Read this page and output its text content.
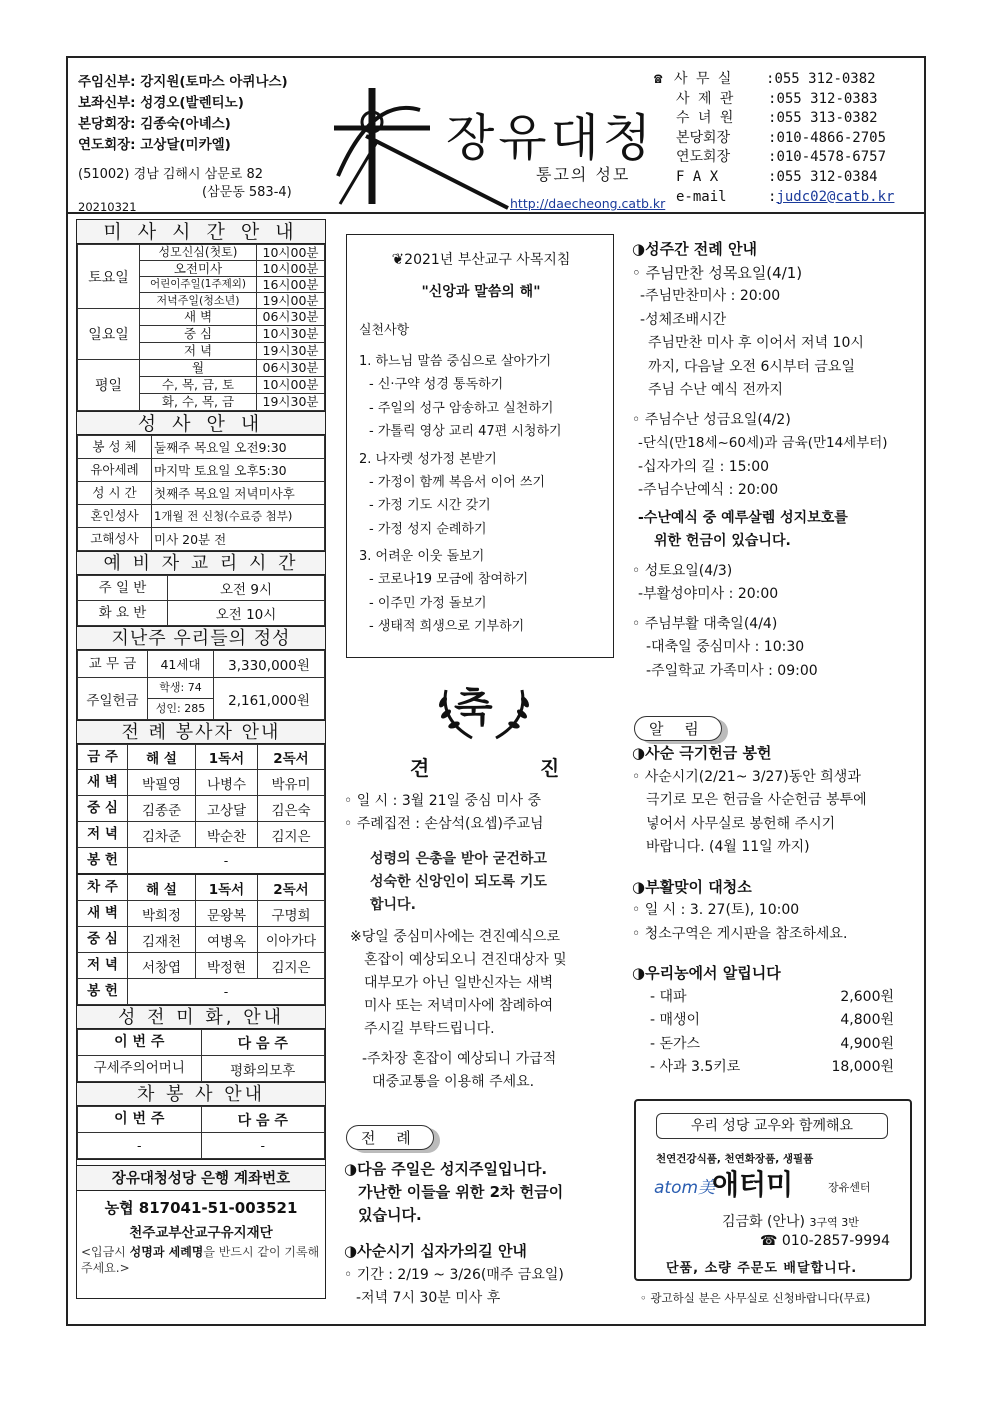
주임신부: 강지원(토마스 아퀴나스)
보좌신부: 성경오(발렌티노)
본당회장: 김종숙(아녜스)
연도회장: 고상달(미카엘)
(51002) 경남 김해시 삼문로 82
(삼문동 583-4)
20210321
장유대청
통고의 성모
http://daecheong.catb.kr
☎ 사 무 실	: 055 312-0382
사 제 관	: 055 312-0383
수 녀 원	: 055 313-0382
본당회장	: 010-4866-2705
연도회장	: 010-4578-6757
F A X	: 055 312-0384
e-mail	: judc02@catb.kr
미 사 시 간 안 내
토요일	성모신심(첫토)	10시00분
	오전미사	10시00분
	어린이주일(1주제외)	16시00분
	저녁주일(청소년)	19시00분
일요일	새 벽	06시30분
	중 심	10시30분
	저 녁	19시30분
평일	월	06시30분
	수, 목, 금, 토	10시00분
	화, 수, 목, 금	19시30분
성 사 안 내
봉 성 체	둘째주 목요일 오전9:30
유아세례	마지막 토요일 오후5:30
성 시 간	첫째주 목요일 저녁미사후
혼인성사	1개월 전 신청(수료증 첨부)
고해성사	미사 20분 전
예 비 자 교 리 시 간
주 일 반	오전 9시
화 요 반	오전 10시
지난주 우리들의 정성
교 무 금	41세대	3,330,000원
주일헌금	학생: 74	2,161,000원
	성인: 285	
전 례 봉사자 안내
금 주	해 설	1독서	2독서
새 벽	박필영	나병수	박유미
중 심	김종준	고상달	김은숙
저 녁	김차준	박순찬	김지은
봉 헌	-		
차 주	해 설	1독서	2독서
새 벽	박희정	문왕복	구명희
중 심	김재천	여병옥	이아가다
저 녁	서창엽	박정현	김지은
봉 헌	-		
성 전 미 화, 안내
이 번 주	다 음 주
구세주의어머니	평화의모후
차 봉 사 안내
이 번 주	다 음 주
-	-
장유대청성당 은행 계좌번호
농협 817041-51-003521
천주교부산교구유지재단
<입금시 성명과 세례명을 반드시 같이 기록해 주세요.>
❦2021년 부산교구 사목지침
"신앙과 말씀의 해"
실천사항
1. 하느님 말씀 중심으로 살아가기
- 신·구약 성경 통독하기
- 주일의 성구 암송하고 실천하기
- 가톨릭 영상 교리 47편 시청하기
2. 나자렛 성가정 본받기
- 가정이 함께 복음서 이어 쓰기
- 가정 기도 시간 갖기
- 가정 성지 순례하기
3. 어려운 이웃 돌보기
- 코로나19 모금에 참여하기
- 이주민 가정 돌보기
- 생태적 희생으로 기부하기
축
견	진
◦ 일 시 : 3월 21일 중심 미사 중
◦ 주례집전 : 손삼석(요셉)주교님
성령의 은총을 받아 굳건하고
성숙한 신앙인이 되도록 기도
합니다.
※당일 중심미사에는 견진예식으로
혼잡이 예상되오니 견진대상자 및
대부모가 아닌 일반신자는 새벽
미사 또는 저녁미사에 참례하여
주시길 부탁드립니다.
-주차장 혼잡이 예상되니 가급적
대중교통을 이용해 주세요.
전 례
◑다음 주일은 성지주일입니다.
가난한 이들을 위한 2차 헌금이
있습니다.
◑사순시기 십자가의길 안내
◦ 기간 : 2/19 ~ 3/26(매주 금요일)
-저녁 7시 30분 미사 후
◑성주간 전례 안내
◦ 주님만찬 성목요일(4/1)
-주님만찬미사 : 20:00
-성체조배시간
주님만찬 미사 후 이어서 저녁 10시
까지, 다음날 오전 6시부터 금요일
주님 수난 예식 전까지
◦ 주님수난 성금요일(4/2)
-단식(만18세~60세)과 금육(만14세부터)
-십자가의 길 : 15:00
-주님수난예식 : 20:00
-수난예식 중 예루살렘 성지보호를
위한 헌금이 있습니다.
◦ 성토요일(4/3)
-부활성야미사 : 20:00
◦ 주님부활 대축일(4/4)
-대축일 중심미사 : 10:30
-주일학교 가족미사 : 09:00
알 림
◑사순 극기헌금 봉헌
◦ 사순시기(2/21~ 3/27)동안 희생과
극기로 모은 헌금을 사순헌금 봉투에
넣어서 사무실로 봉헌해 주시기
바랍니다. (4월 11일 까지)
◑부활맞이 대청소
◦ 일 시 : 3. 27(토), 10:00
◦ 청소구역은 게시판을 참조하세요.
◑우리농에서 알립니다
- 대파	2,600원
- 매생이	4,800원
- 돈가스	4,900원
- 사과 3.5키로	18,000원
우리 성당 교우와 함께해요
천연건강식품, 천연화장품, 생필품
atom美
애터미	장유센터
김금화 (안나) 3구역 3반
☎ 010-2857-9994
단품, 소량 주문도 배달합니다.
◦ 광고하실 분은 사무실로 신청바랍니다(무료)
